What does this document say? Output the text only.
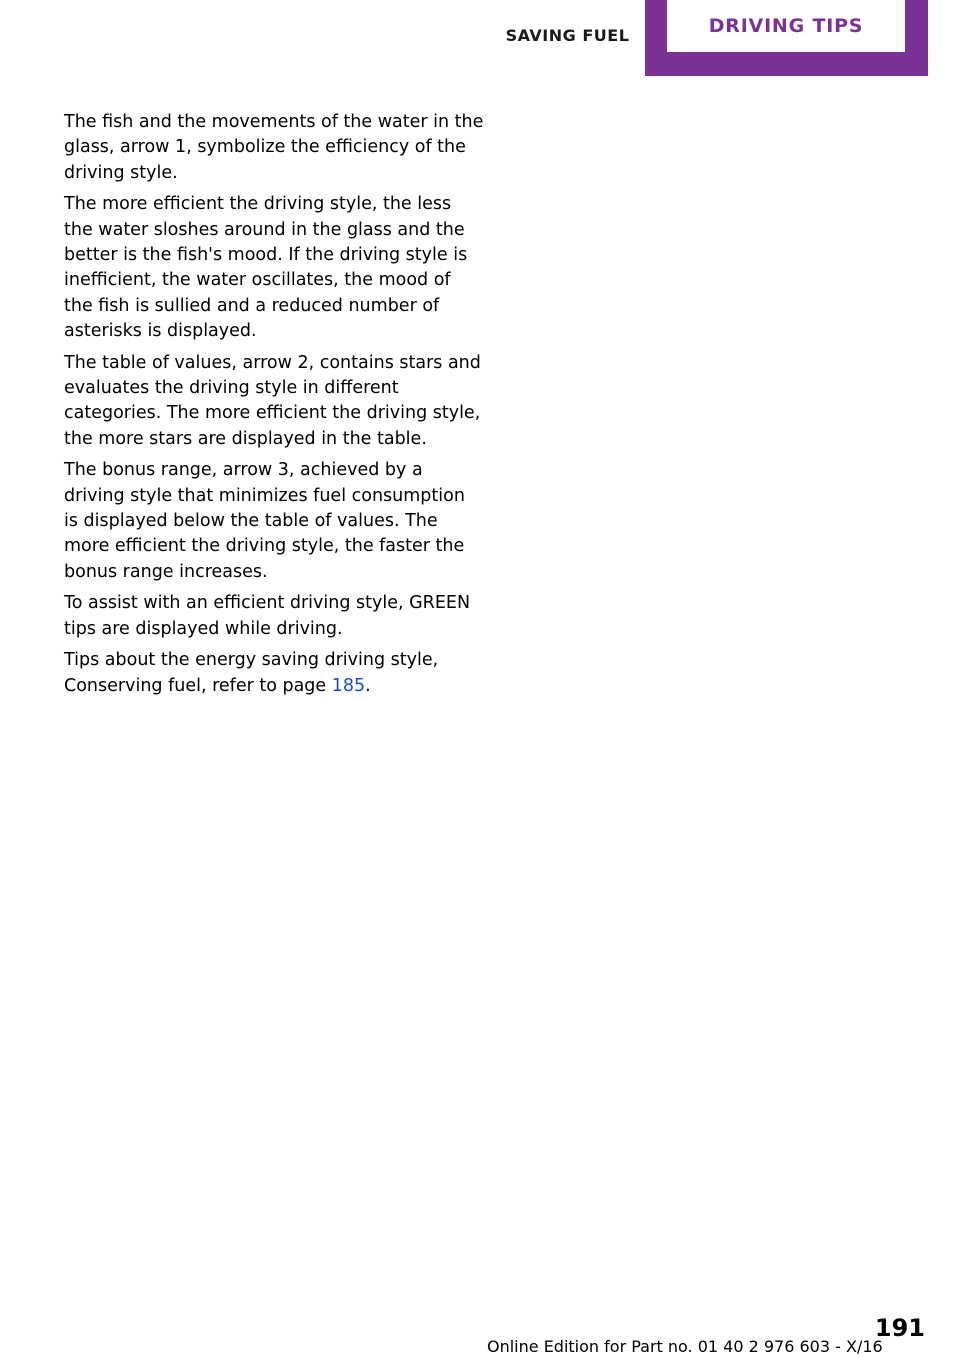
SAVING FUEL	DRIVING TIPS

The fish and the movements of the water in the glass, arrow 1, symbolize the efficiency of the driving style.

The more efficient the driving style, the less the water sloshes around in the glass and the better is the fish's mood. If the driving style is inefficient, the water oscillates, the mood of the fish is sullied and a reduced number of asterisks is displayed.

The table of values, arrow 2, contains stars and evaluates the driving style in different categories. The more efficient the driving style, the more stars are displayed in the table.

The bonus range, arrow 3, achieved by a driving style that minimizes fuel consumption is displayed below the table of values. The more efficient the driving style, the faster the bonus range increases.

To assist with an efficient driving style, GREEN tips are displayed while driving.

Tips about the energy saving driving style, Conserving fuel, refer to page 185.

Online Edition for Part no. 01 40 2 976 603 - X/16
191
